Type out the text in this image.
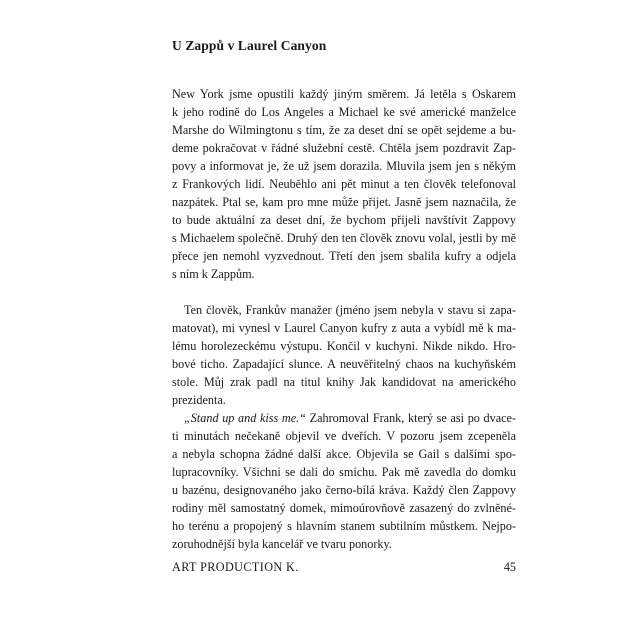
U Zappů v Laurel Canyon
New York jsme opustili každý jiným směrem. Já letěla s Oskarem
k jeho rodině do Los Angeles a Michael ke své americké manželce
Marshe do Wilmingtonu s tím, že za deset dní se opět sejdeme a bu-
deme pokračovat v řádné služební cestě. Chtěla jsem pozdravit Zap-
povy a informovat je, že už jsem dorazila. Mluvila jsem jen s někým
z Frankových lidí. Neuběhlo ani pět minut a ten člověk telefonoval
nazpátek. Ptal se, kam pro mne může přijet. Jasně jsem naznačila, že
to bude aktuální za deset dní, že bychom přijeli navštívit Zappovy
s Michaelem společně. Druhý den ten člověk znovu volal, jestli by mě
přece jen nemohl vyzvednout. Třetí den jsem sbalila kufry a odjela
s ním k Zappům.
Ten člověk, Frankův manažer (jméno jsem nebyla v stavu si zapa-
matovat), mi vynesl v Laurel Canyon kufry z auta a vybídl mě k ma-
lému horolezeckému výstupu. Končil v kuchyni. Nikde nikdo. Hro-
bové ticho. Zapadající slunce. A neuvěřitelný chaos na kuchyňském
stole. Můj zrak padl na titul knihy Jak kandidovat na amerického
prezidenta.
„Stand up and kiss me.“ Zahromoval Frank, který se asi po dvace-
ti minutách nečekaně objevil ve dveřích. V pozoru jsem zcepeněla
a nebyla schopna žádné další akce. Objevila se Gail s dalšími spo-
lupracovníky. Všichni se dali do smíchu. Pak mě zavedla do domku
u bazénu, designovaného jako černo-bílá kráva. Každý člen Zappovy
rodiny měl samostatný domek, mimoúrovňově zasazený do zvlněné-
ho terénu a propojený s hlavním stanem subtilním můstkem. Nejpo-
zoruhodnější byla kancelář ve tvaru ponorky.
ART PRODUCTION K.	45
